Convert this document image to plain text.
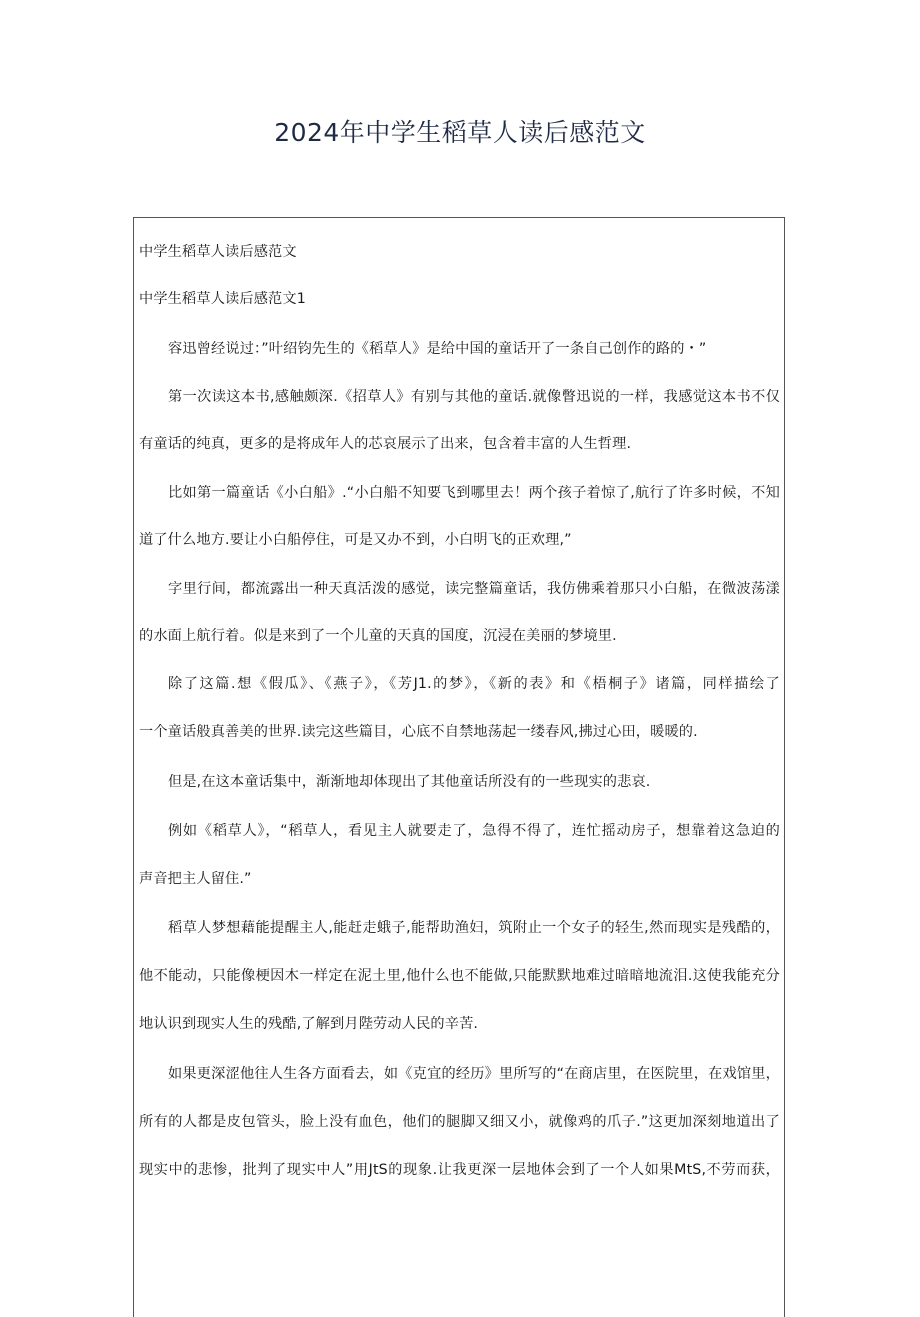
2024年中学生稻草人读后感范文
中学生稻草人读后感范文
中学生稻草人读后感范文1
容迅曾经说过：”叶绍钧先生的《稻草人》是给中国的童话开了一条自己创作的路的・”
第一次读这本书,感触颇深.《招草人》有别与其他的童话.就像瞥迅说的一样，我感觉这本书不仅
有童话的纯真，更多的是将成年人的芯哀展示了出来，包含着丰富的人生哲理.
比如第一篇童话《小白船》.“小白船不知要飞到哪里去！两个孩子着惊了,航行了许多时候，不知
道了什么地方.要让小白船停住，可是又办不到，小白明飞的正欢理,”
字里行间，都流露出一种天真活泼的感觉，读完整篇童话，我仿佛乘着那只小白船，在微波荡漾
的水面上航行着。似是来到了一个儿童的天真的国度，沉浸在美丽的梦境里.
除了这篇.想《假瓜》、《燕子》，《芳J1.的梦》，《新的表》和《梧桐子》诸篇，同样描绘了
一个童话般真善美的世界.读完这些篇目，心底不自禁地荡起一缕春风,拂过心田，暖暖的.
但是,在这本童话集中，渐渐地却体现出了其他童话所没有的一些现实的悲哀.
例如《稻草人》，“稻草人，看见主人就要走了，急得不得了，连忙摇动房子，想靠着这急迫的
声音把主人留住.”
稻草人梦想藉能提醒主人,能赶走蛾子,能帮助渔妇，筑附止一个女子的轻生,然而现实是残酷的，
他不能动，只能像梗因木一样定在泥土里,他什么也不能做,只能默默地难过暗暗地流泪.这使我能充分
地认识到现实人生的残酷,了解到月陛劳动人民的辛苦.
如果更深涩他往人生各方面看去，如《克宜的经历》里所写的“在商店里，在医院里，在戏馆里，
所有的人都是皮包管头，脸上没有血色，他们的腿脚又细又小，就像鸡的爪子.”这更加深刻地道出了
现实中的悲惨，批判了现实中人”用JtS的现象.让我更深一层地体会到了一个人如果MtS,不劳而获，
